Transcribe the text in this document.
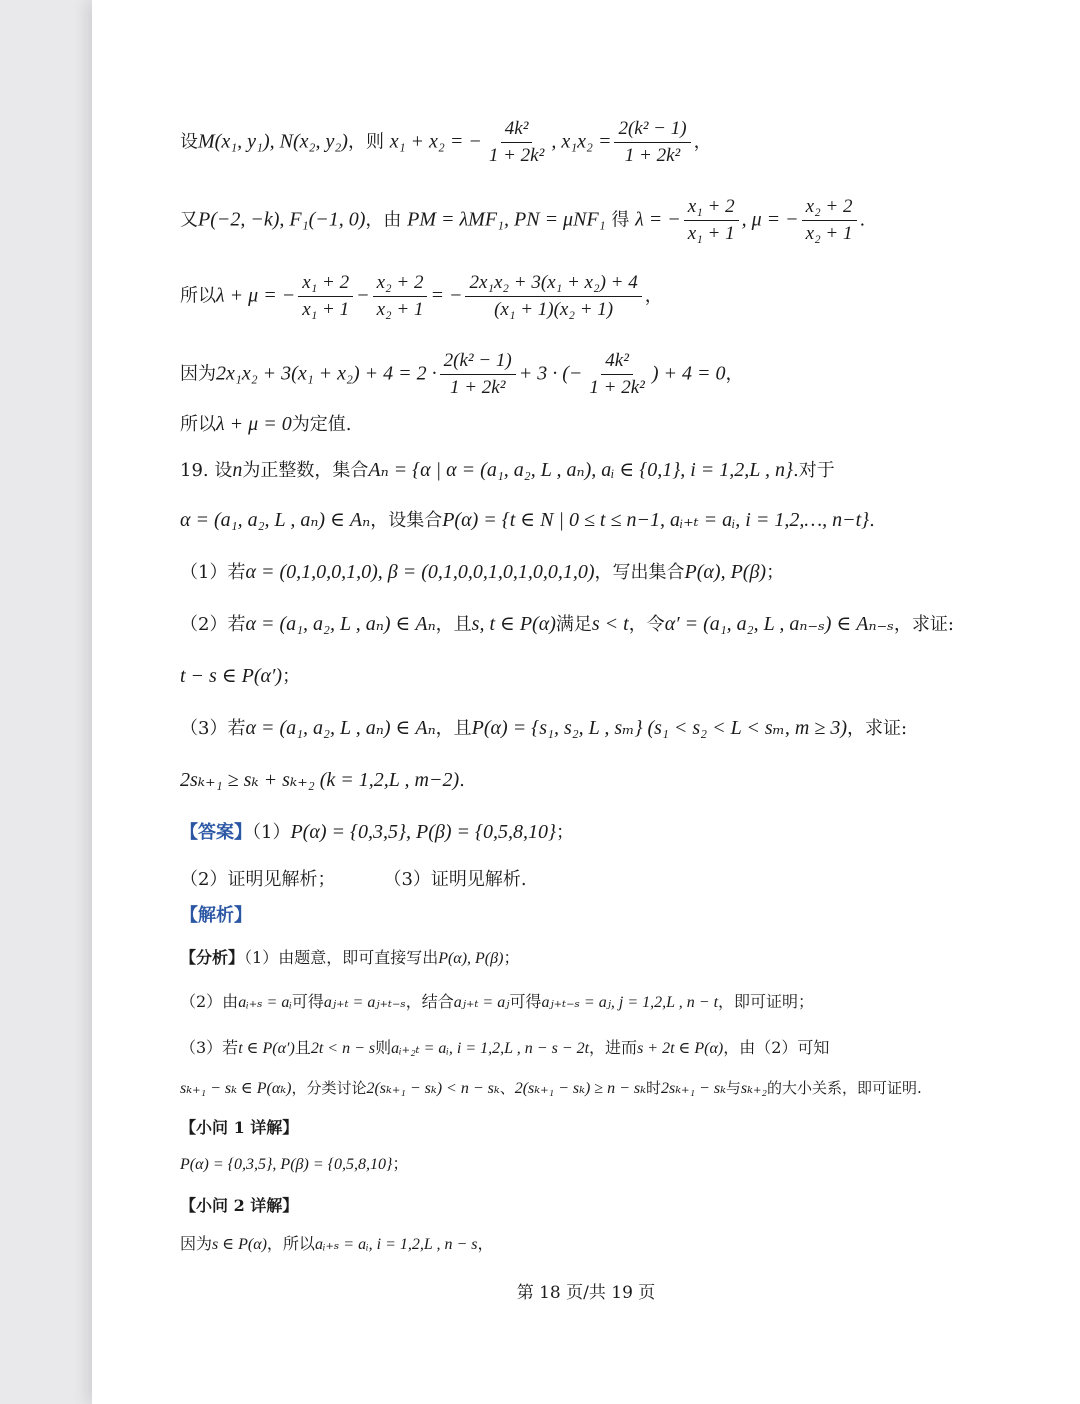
设M(x₁, y₁), N(x₂, y₂)，则 x₁ + x₂ = − $\frac{\text{4k²}}{\text{1 + 2k²}}$ , $x_1x_2 = \frac{\text{2(k² − 1)}}{\text{1 + 2k²}}$ ，
又P(−2, −k), F₁(−1, 0)，由 PM = λMF₁, PN = μNF₁ 得 λ = − $\frac{\text{x₁ + 2}}{\text{x₁ + 1}}$ , μ = − $\frac{\text{x₂ + 2}}{\text{x₂ + 1}}$ .
所以λ + μ = − $\frac{\text{x₁ + 2}}{\text{x₁ + 1}} - \frac{\text{x₂ + 2}}{\text{x₂ + 1}}$ = − $\frac{\text{2x₁x₂ + 3(x₁ + x₂) + 4}}{\text{(x₁ + 1)(x₂ + 1)}}$ ，
因为$2x_1x_2 + 3(x_1 + x_2) + 4 = 2 \cdot \frac{\text{2(k² − 1)}}{\text{1 + 2k²}} + 3$ · (− $\frac{\text{4k²}}{\text{1 + 2k²}}$ ) + 4 = 0，
所以λ + μ = 0为定值.
19. 设n为正整数，集合Aₙ = {α | α = (a₁, a₂, L , aₙ), aᵢ ∈ {0,1}, i = 1,2,L , n}.对于
α = (a₁, a₂, L , aₙ) ∈ Aₙ，设集合P(α) = {t ∈ N | 0 ≤ t ≤ n−1, aᵢ₊ₜ = aᵢ, i = 1,2,…, n−t}.
（1）若α = (0,1,0,0,1,0), β = (0,1,0,0,1,0,1,0,0,1,0)，写出集合P(α), P(β)；
（2）若α = (a₁, a₂, L , aₙ) ∈ Aₙ，且s, t ∈ P(α)满足s < t，令α′ = (a₁, a₂, L , aₙ₋ₛ) ∈ Aₙ₋ₛ，求证:
t − s ∈ P(α′)；
（3）若α = (a₁, a₂, L , aₙ) ∈ Aₙ，且P(α) = {s₁, s₂, L , sₘ} (s₁ < s₂ < L < sₘ, m ≥ 3)，求证:
2sₖ₊₁ ≥ sₖ + sₖ₊₂ (k = 1,2,L , m−2).
【答案】（1）P(α) = {0,3,5}, P(β) = {0,5,8,10}；
（2）证明见解析；	（3）证明见解析.
【解析】
【分析】（1）由题意，即可直接写出P(α), P(β)；
（2）由aᵢ₊ₛ = aᵢ可得aⱼ₊ₜ = aⱼ₊ₜ₋ₛ，结合aⱼ₊ₜ = aⱼ可得aⱼ₊ₜ₋ₛ = aⱼ, j = 1,2,L , n − t，即可证明；
（3）若t ∈ P(α′)且2t < n − s则aᵢ₊₂ₜ = aᵢ, i = 1,2,L , n − s − 2t，进而s + 2t ∈ P(α)，由（2）可知
sₖ₊₁ − sₖ ∈ P(αₖ)，分类讨论2(sₖ₊₁ − sₖ) < n − sₖ、2(sₖ₊₁ − sₖ) ≥ n − sₖ时2sₖ₊₁ − sₖ与sₖ₊₂的大小关系，即可证明.
【小问 1 详解】
P(α) = {0,3,5}, P(β) = {0,5,8,10}；
【小问 2 详解】
因为s ∈ P(α)，所以aᵢ₊ₛ = aᵢ, i = 1,2,L , n − s，
第 18 页/共 19 页
